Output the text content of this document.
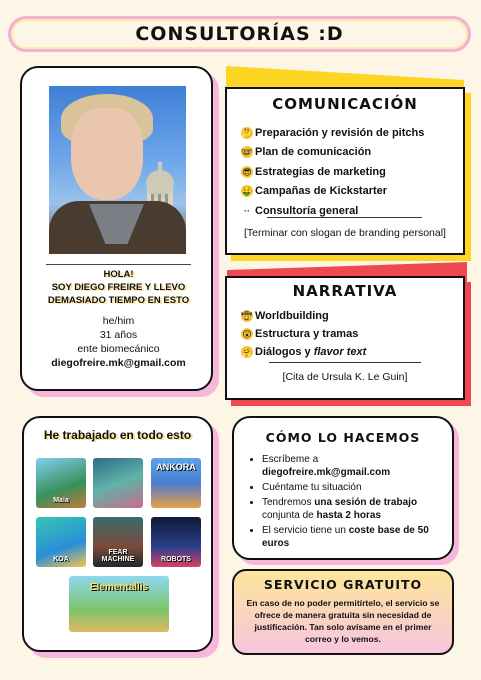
CONSULTORÍAS :D
HOLA!
SOY DIEGO FREIRE Y LLEVO
DEMASIADO TIEMPO EN ESTO
he/him
31 años
ente biomecánico
diegofreire.mk@gmail.com
COMUNICACIÓN
🤔 Preparación y revisión de pitchs
🤓 Plan de comunicación
😎 Estrategias de marketing
🤑 Campañas de Kickstarter
·· Consultoría general
[Terminar con slogan de branding personal]
NARRATIVA
🤠 Worldbuilding
😲 Estructura y tramas
🤗 Diálogos y flavor text
[Cita de Ursula K. Le Guin]
He trabajado en todo esto
Maia
ANKORA
KOA
FEAR MACHINE	ROBOTS
Elementallis
CÓMO LO HACEMOS
• Escríbeme a
diegofreire.mk@gmail.com
• Cuéntame tu situación
• Tendremos una sesión de trabajo
conjunta de hasta 2 horas
• El servicio tiene un coste base de 50
euros
SERVICIO GRATUITO

En caso de no poder permitírtelo, el servicio se ofrece de manera gratuita sin necesidad de justificación. Tan solo avísame en el primer correo y lo vemos.
